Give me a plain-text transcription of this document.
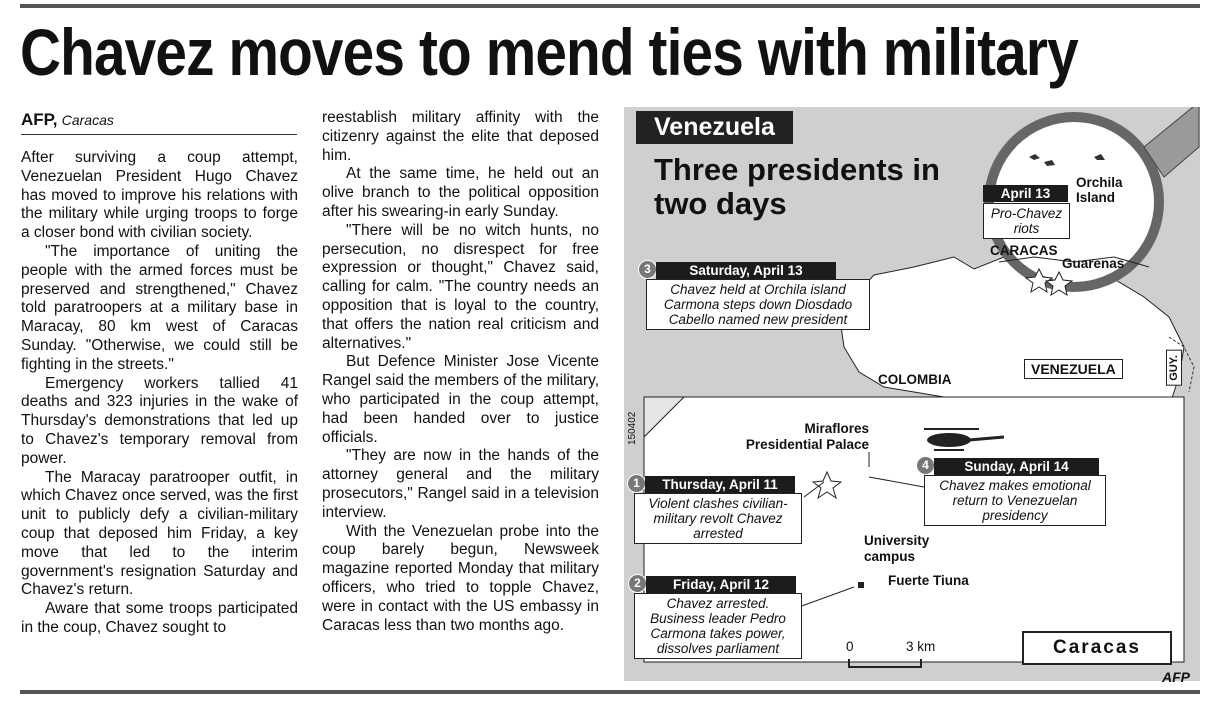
Chavez moves to mend ties with military
AFP, Caracas

After surviving a coup attempt, Venezuelan President Hugo Chavez has moved to improve his relations with the military while urging troops to forge a closer bond with civilian society.

"The importance of uniting the people with the armed forces must be preserved and strengthened," Chavez told paratroopers at a military base in Maracay, 80 km west of Caracas Sunday. "Otherwise, we could still be fighting in the streets."

Emergency workers tallied 41 deaths and 323 injuries in the wake of Thursday's demonstrations that led up to Chavez's temporary removal from power.

The Maracay paratrooper outfit, in which Chavez once served, was the first unit to publicly defy a civilian-military coup that deposed him Friday, a key move that led to the interim government's resignation Saturday and Chavez's return.

Aware that some troops participated in the coup, Chavez sought to

reestablish military affinity with the citizenry against the elite that deposed him.

At the same time, he held out an olive branch to the political opposition after his swearing-in early Sunday.

"There will be no witch hunts, no persecution, no disrespect for free expression or thought," Chavez said, calling for calm. "The country needs an opposition that is loyal to the country, that offers the nation real criticism and alternatives."

But Defence Minister Jose Vicente Rangel said the members of the military, who participated in the coup attempt, had been handed over to justice officials.

"They are now in the hands of the attorney general and the military prosecutors," Rangel said in a television interview.

With the Venezuelan probe into the coup barely begun, Newsweek magazine reported Monday that military officers, who tried to topple Chavez, were in contact with the US embassy in Caracas less than two months ago.

Venezuela
Three presidents in two days	April 13
Pro-Chavez riots
Orchila Island
CARACAS
Guarenas
COLOMBIA
VENEZUELA	GUY.
3	Saturday, April 13
Chavez held at Orchila island Carmona steps down Diosdado Cabello named new president
Miraflores Presidential Palace
1	Thursday, April 11
Violent clashes civilian-military revolt Chavez arrested
4	Sunday, April 14
Chavez makes emotional return to Venezuelan presidency
University campus
Fuerte Tiuna
2	Friday, April 12
Chavez arrested. Business leader Pedro Carmona takes power, dissolves parliament	0	3 km	Caracas
150402
AFP
